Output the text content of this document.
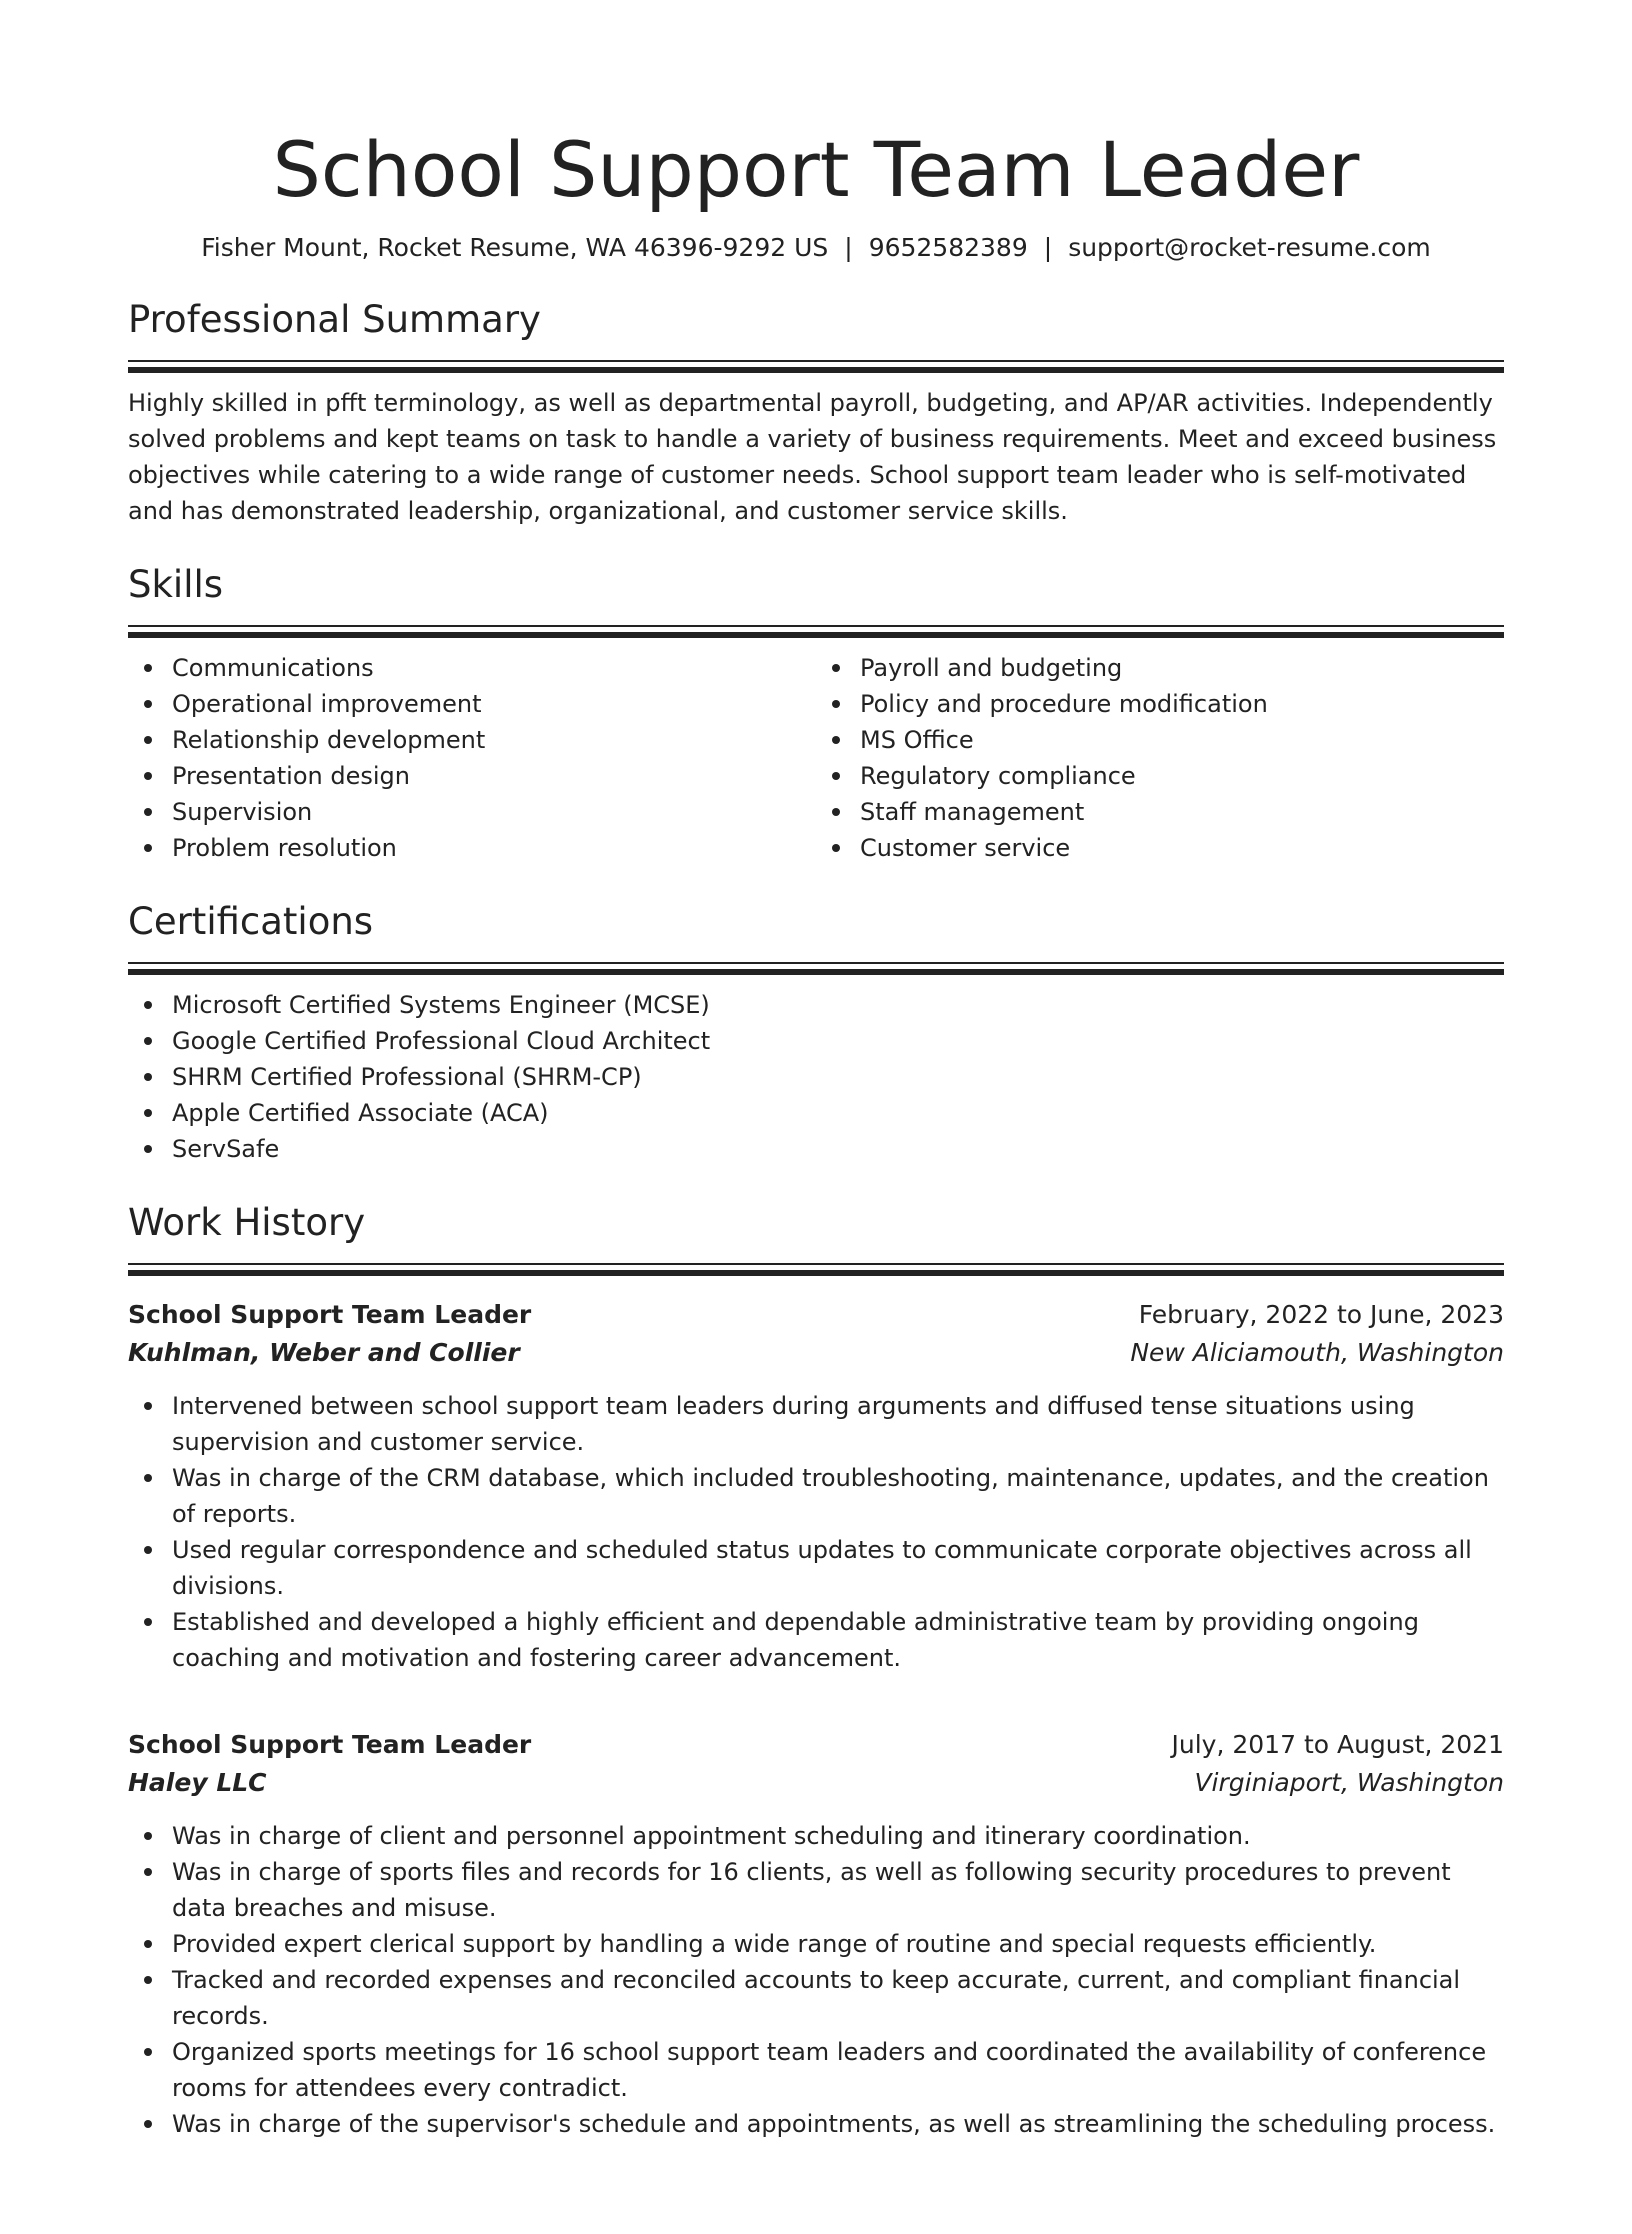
School Support Team Leader
Fisher Mount, Rocket Resume, WA 46396-9292 US | 9652582389 | support@rocket-resume.com
Professional Summary

Highly skilled in pfft terminology, as well as departmental payroll, budgeting, and AP/AR activities. Independently solved problems and kept teams on task to handle a variety of business requirements. Meet and exceed business objectives while catering to a wide range of customer needs. School support team leader who is self-motivated and has demonstrated leadership, organizational, and customer service skills.

Skills
Communications
Operational improvement
Relationship development
Presentation design
Supervision
Problem resolution
Payroll and budgeting
Policy and procedure modification
MS Office
Regulatory compliance
Staff management
Customer service
Certifications
Microsoft Certified Systems Engineer (MCSE)
Google Certified Professional Cloud Architect
SHRM Certified Professional (SHRM-CP)
Apple Certified Associate (ACA)
ServSafe
Work History
School Support Team Leader	February, 2022 to June, 2023
Kuhlman, Weber and Collier	New Aliciamouth, Washington
Intervened between school support team leaders during arguments and diffused tense situations using supervision and customer service.
Was in charge of the CRM database, which included troubleshooting, maintenance, updates, and the creation of reports.
Used regular correspondence and scheduled status updates to communicate corporate objectives across all divisions.
Established and developed a highly efficient and dependable administrative team by providing ongoing coaching and motivation and fostering career advancement.
School Support Team Leader	July, 2017 to August, 2021
Haley LLC	Virginiaport, Washington
Was in charge of client and personnel appointment scheduling and itinerary coordination.
Was in charge of sports files and records for 16 clients, as well as following security procedures to prevent data breaches and misuse.
Provided expert clerical support by handling a wide range of routine and special requests efficiently.
Tracked and recorded expenses and reconciled accounts to keep accurate, current, and compliant financial records.
Organized sports meetings for 16 school support team leaders and coordinated the availability of conference rooms for attendees every contradict.
Was in charge of the supervisor's schedule and appointments, as well as streamlining the scheduling process.
